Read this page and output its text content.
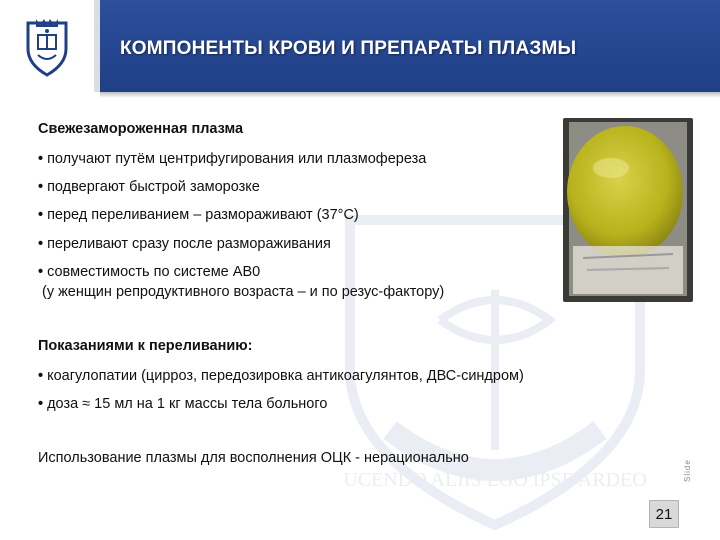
КОМПОНЕНТЫ КРОВИ И ПРЕПАРАТЫ ПЛАЗМЫ
UCENDO ALIIS EGO IPSE ARDEO
Свежезамороженная плазма
• получают путём центрифугирования или плазмофереза
• подвергают быстрой заморозке
• перед переливанием – размораживают (37°С)
• переливают сразу после размораживания
• совместимость по системе АВ0
(у женщин репродуктивного возраста – и по резус-фактору)
Показаниями к переливанию:
• коагулопатии (цирроз, передозировка антикоагулянтов, ДВС-синдром)
• доза ≈ 15 мл на 1 кг массы тела больного
Использование плазмы для восполнения ОЦК - нерационально
21
Slide
